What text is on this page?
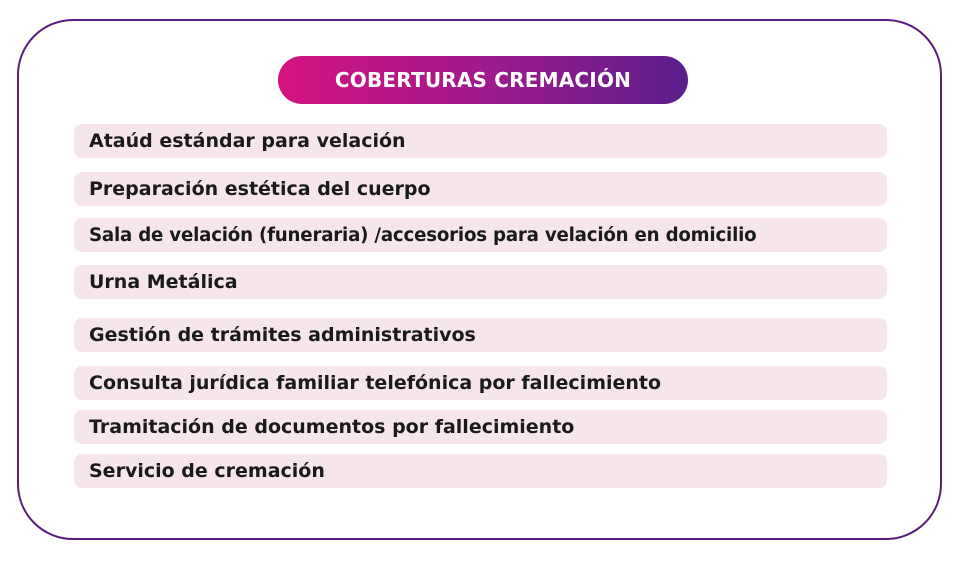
COBERTURAS CREMACIÓN
Ataúd estándar para velación
Preparación estética del cuerpo
Sala de velación (funeraria) /accesorios para velación en domicilio
Urna Metálica
Gestión de trámites administrativos
Consulta jurídica familiar telefónica por fallecimiento
Tramitación de documentos por fallecimiento
Servicio de cremación
